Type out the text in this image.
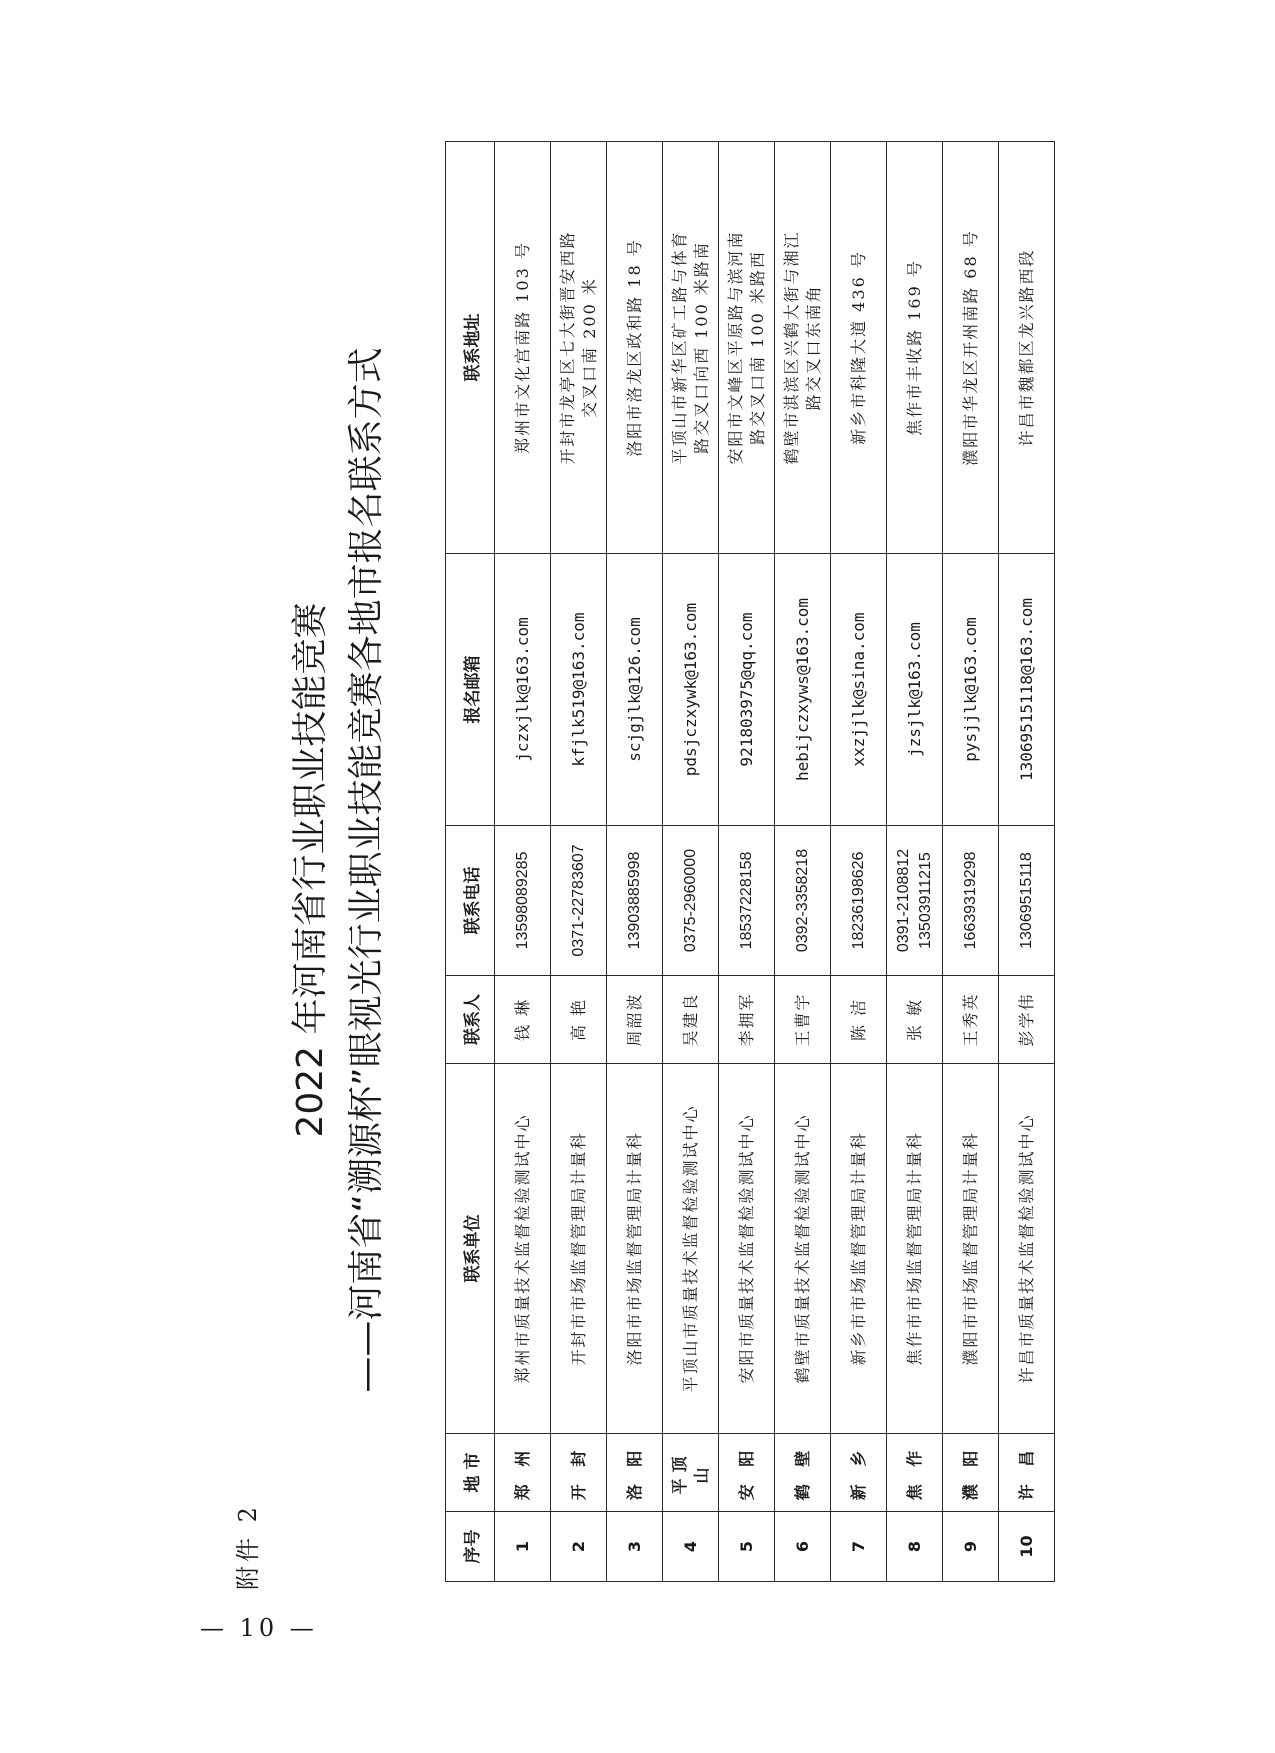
— 10 —
附件 2
2022 年河南省行业职业技能竞赛 ——河南省“溯源杯”眼视光行业职业技能竞赛各地市报名联系方式
序号	地 市	联系单位	联系人	联系电话	报名邮箱	联系地址

1	郑 州	郑州市质量技术监督检验测试中心	钱 琳	13598089285	jczxjlk@163.com	郑州市文化宫南路 103 号

2	开 封	开封市市场监督管理局计量科	高 艳	0371-22783607	kfjlk519@163.com	开封市龙亭区七大街晋安西路 交叉口南 200 米

3	洛 阳	洛阳市市场监督管理局计量科	周韶波	13903885998	scjgjlk@126.com	洛阳市洛龙区政和路 18 号

4	平顶山	平顶山市质量技术监督检验测试中心	吴建良	0375-2960000	pdsjczxywk@163.com	平顶山市新华区矿工路与体育 路交叉口向西 100 米路南

5	安 阳	安阳市质量技术监督检验测试中心	李拥军	18537228158	921803975@qq.com	安阳市文峰区平原路与滨河南 路交叉口南 100 米路西

6	鹤 壁	鹤壁市质量技术监督检验测试中心	王曹宇	0392-3358218	hebijczxyws@163.com	鹤壁市淇滨区兴鹤大街与湘江 路交叉口东南角

7	新 乡	新乡市市场监督管理局计量科	陈 洁	18236198626	xxzjjlk@sina.com	新乡市科隆大道 436 号

8	焦 作	焦作市市场监督管理局计量科	张 敏	0391-2108812 13503911215	jzsjlk@163.com	焦作市丰收路 169 号

9	濮 阳	濮阳市市场监督管理局计量科	王秀英	16639319298	pysjjlk@163.com	濮阳市华龙区开州南路 68 号

10	许 昌	许昌市质量技术监督检验测试中心	彭学伟	13069515118	13069515118@163.com	许昌市魏都区龙兴路西段
